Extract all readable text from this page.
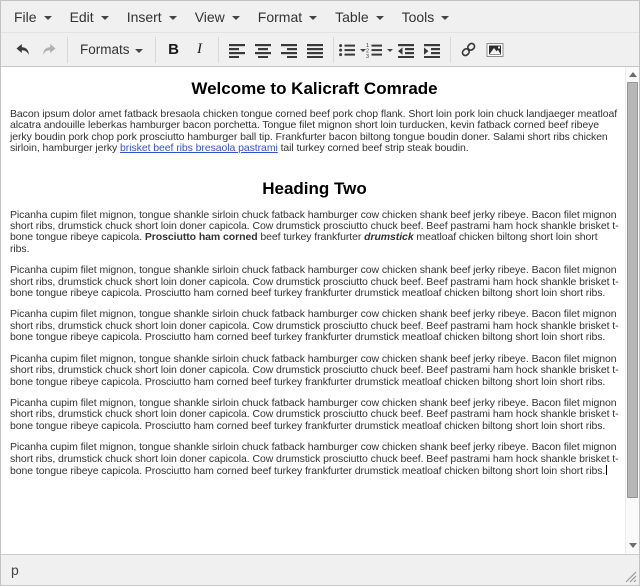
File Edit Insert View Format Table Tools
Formats	B I	1
2
3
Welcome to Kalicraft Comrade

Bacon ipsum dolor amet fatback bresaola chicken tongue corned beef pork chop flank. Short loin pork loin chuck landjaeger meatloaf alcatra andouille leberkas hamburger bacon porchetta. Tongue filet mignon short loin turducken, kevin fatback corned beef ribeye jerky boudin pork chop pork prosciutto hamburger ball tip. Frankfurter bacon biltong tongue boudin doner. Salami short ribs chicken sirloin, hamburger jerky brisket beef ribs bresaola pastrami tail turkey corned beef strip steak boudin.

Heading Two

Picanha cupim filet mignon, tongue shankle sirloin chuck fatback hamburger cow chicken shank beef jerky ribeye. Bacon filet mignon short ribs, drumstick chuck short loin doner capicola. Cow drumstick prosciutto chuck beef. Beef pastrami ham hock shankle brisket t-bone tongue ribeye capicola. Prosciutto ham corned beef turkey frankfurter drumstick meatloaf chicken biltong short loin short ribs.

Picanha cupim filet mignon, tongue shankle sirloin chuck fatback hamburger cow chicken shank beef jerky ribeye. Bacon filet mignon short ribs, drumstick chuck short loin doner capicola. Cow drumstick prosciutto chuck beef. Beef pastrami ham hock shankle brisket t-bone tongue ribeye capicola. Prosciutto ham corned beef turkey frankfurter drumstick meatloaf chicken biltong short loin short ribs.

Picanha cupim filet mignon, tongue shankle sirloin chuck fatback hamburger cow chicken shank beef jerky ribeye. Bacon filet mignon short ribs, drumstick chuck short loin doner capicola. Cow drumstick prosciutto chuck beef. Beef pastrami ham hock shankle brisket t-bone tongue ribeye capicola. Prosciutto ham corned beef turkey frankfurter drumstick meatloaf chicken biltong short loin short ribs.

Picanha cupim filet mignon, tongue shankle sirloin chuck fatback hamburger cow chicken shank beef jerky ribeye. Bacon filet mignon short ribs, drumstick chuck short loin doner capicola. Cow drumstick prosciutto chuck beef. Beef pastrami ham hock shankle brisket t-bone tongue ribeye capicola. Prosciutto ham corned beef turkey frankfurter drumstick meatloaf chicken biltong short loin short ribs.

Picanha cupim filet mignon, tongue shankle sirloin chuck fatback hamburger cow chicken shank beef jerky ribeye. Bacon filet mignon short ribs, drumstick chuck short loin doner capicola. Cow drumstick prosciutto chuck beef. Beef pastrami ham hock shankle brisket t-bone tongue ribeye capicola. Prosciutto ham corned beef turkey frankfurter drumstick meatloaf chicken biltong short loin short ribs.

Picanha cupim filet mignon, tongue shankle sirloin chuck fatback hamburger cow chicken shank beef jerky ribeye. Bacon filet mignon short ribs, drumstick chuck short loin doner capicola. Cow drumstick prosciutto chuck beef. Beef pastrami ham hock shankle brisket t-bone tongue ribeye capicola. Prosciutto ham corned beef turkey frankfurter drumstick meatloaf chicken biltong short loin short ribs.

p
